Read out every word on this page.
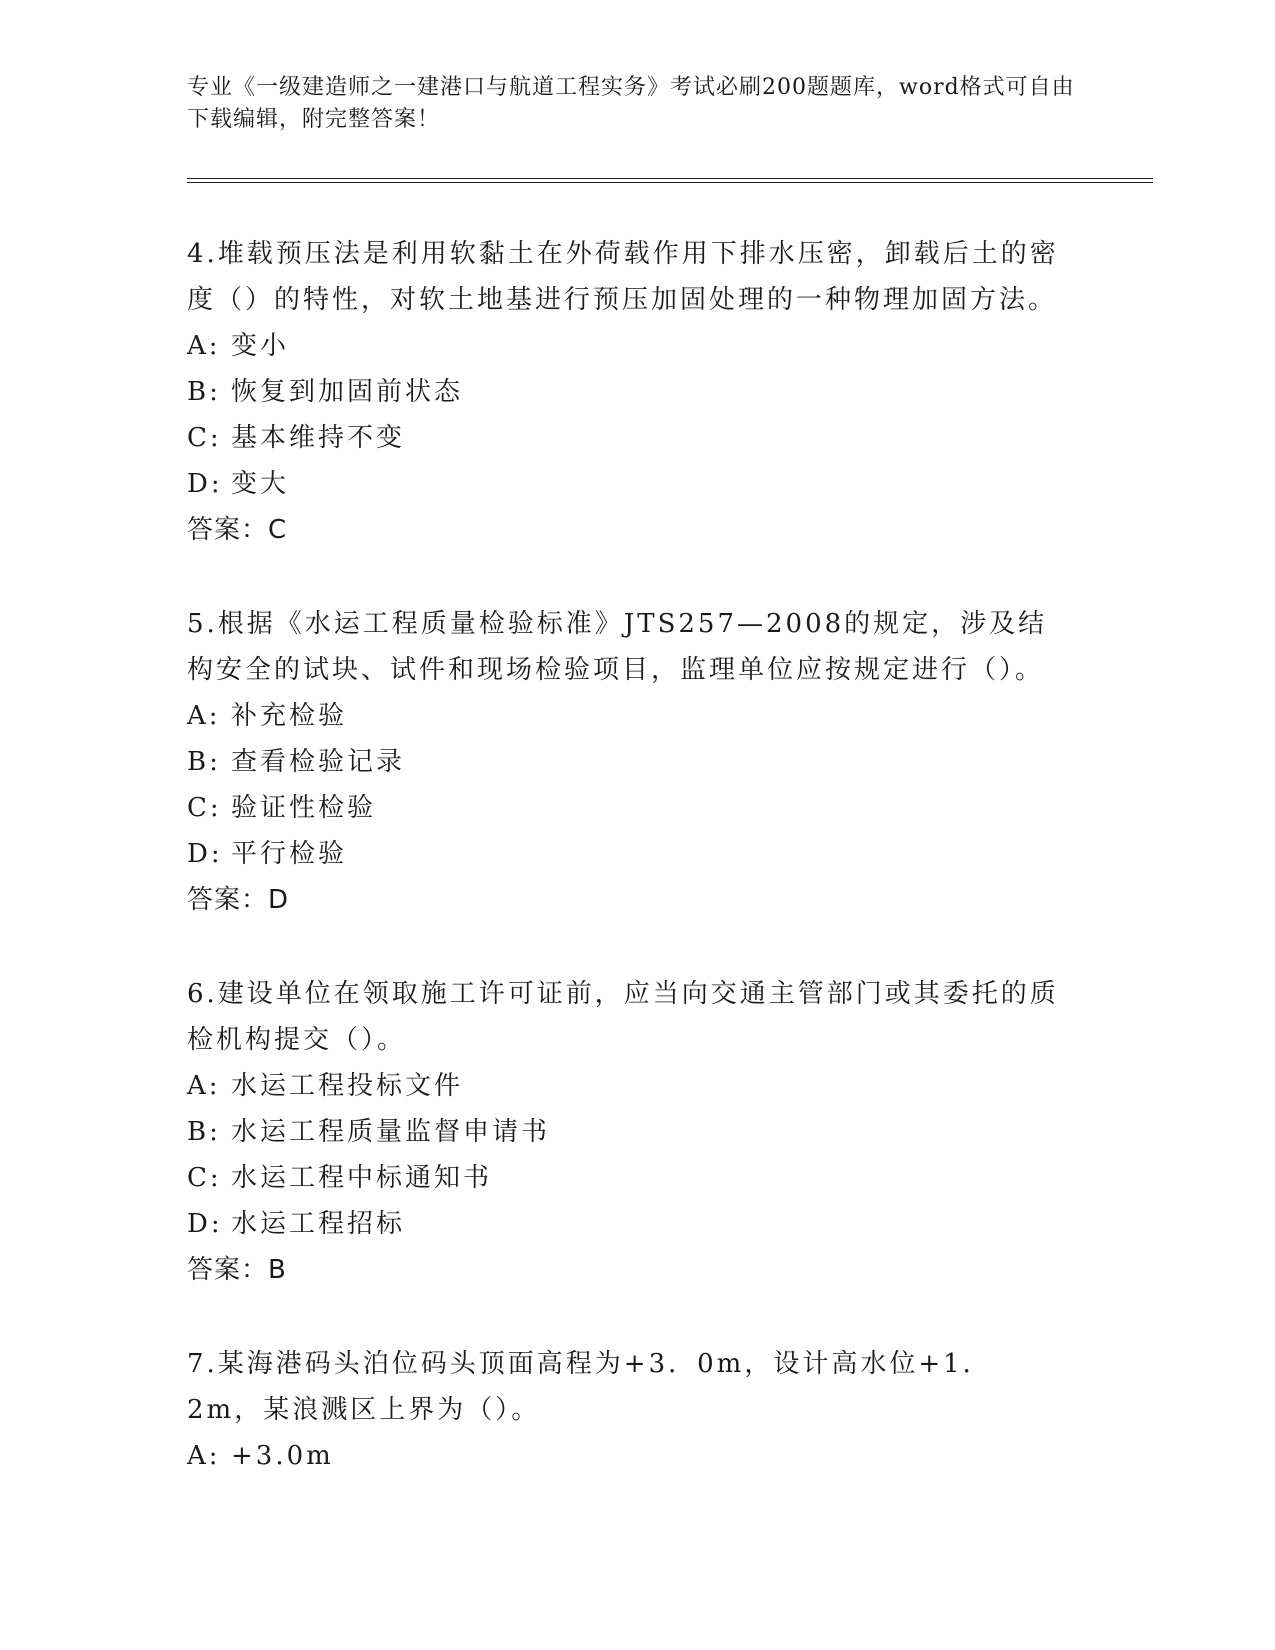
专业《一级建造师之一建港口与航道工程实务》考试必刷200题题库，word格式可自由下载编辑，附完整答案！
4.堆载预压法是利用软黏土在外荷载作用下排水压密，卸载后土的密度（）的特性，对软土地基进行预压加固处理的一种物理加固方法。
A: 变小
B: 恢复到加固前状态
C: 基本维持不变
D: 变大
答案：C
5.根据《水运工程质量检验标准》JTS257—2008的规定，涉及结构安全的试块、试件和现场检验项目，监理单位应按规定进行（）。
A: 补充检验
B: 查看检验记录
C: 验证性检验
D: 平行检验
答案：D
6.建设单位在领取施工许可证前，应当向交通主管部门或其委托的质检机构提交（）。
A: 水运工程投标文件
B: 水运工程质量监督申请书
C: 水运工程中标通知书
D: 水运工程招标
答案：B
7.某海港码头泊位码头顶面高程为+3．0m，设计高水位+1．2m，某浪溅区上界为（）。
A: +3.0m
